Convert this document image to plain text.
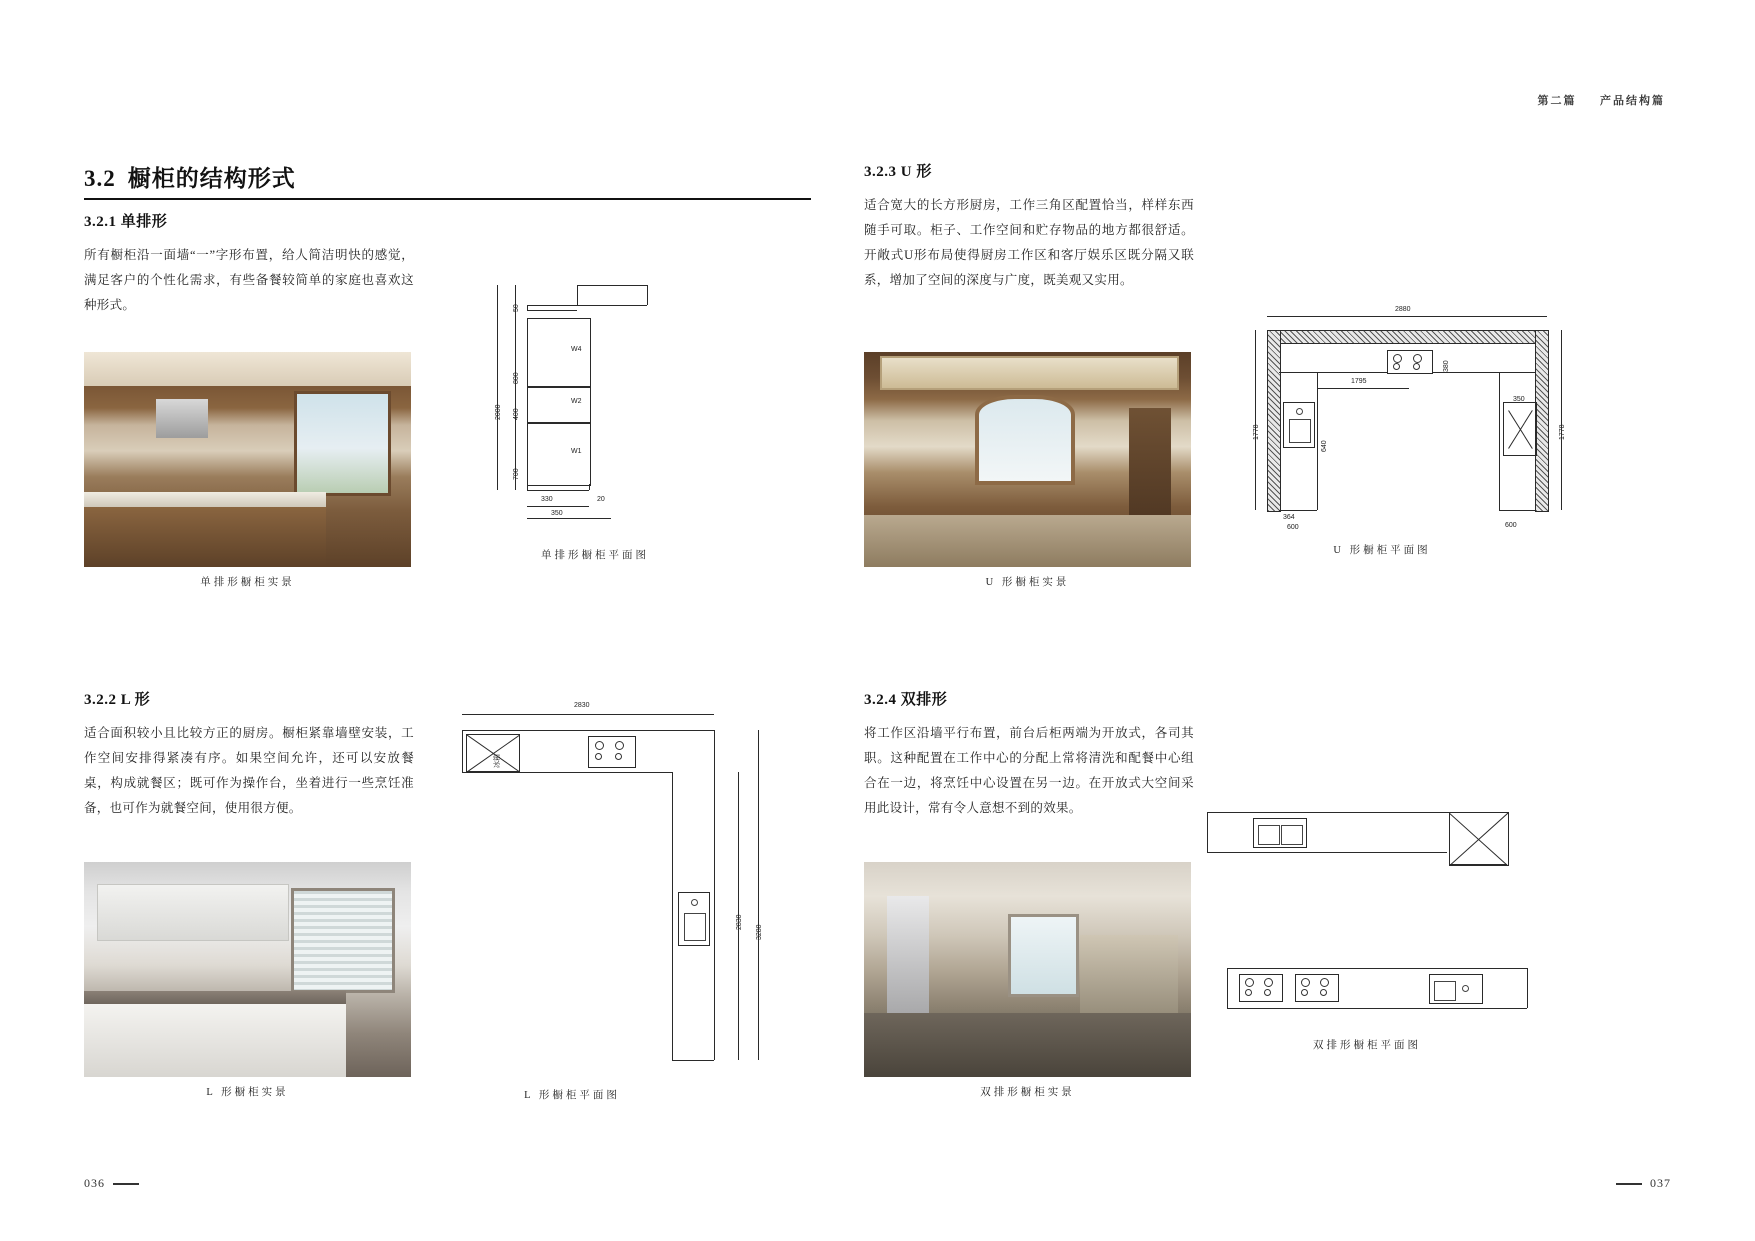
第二篇 产品结构篇
3.2 橱柜的结构形式
3.2.1 单排形
所有橱柜沿一面墙“一”字形布置，给人简洁明快的感觉，满足客户的个性化需求，有些备餐较简单的家庭也喜欢这种形式。
单排形橱柜实景
W4
W2
W1
50
800
400
700
2000
330	20
350
单排形橱柜平面图
3.2.2 L 形
适合面积较小且比较方正的厨房。橱柜紧靠墙壁安装，工作空间安排得紧凑有序。如果空间允许，还可以安放餐桌，构成就餐区；既可作为操作台，坐着进行一些烹饪准备，也可作为就餐空间，使用很方便。
L 形橱柜实景
冰箱
2830
2830
3280
L 形橱柜平面图
036
3.2.3 U 形
适合宽大的长方形厨房，工作三角区配置恰当，样样东西随手可取。柜子、工作空间和贮存物品的地方都很舒适。开敞式U形布局使得厨房工作区和客厅娱乐区既分隔又联系，增加了空间的深度与广度，既美观又实用。
U 形橱柜实景
2880
1778	1778
1795
380
640
364
600	600
350
U 形橱柜平面图
3.2.4 双排形
将工作区沿墙平行布置，前台后柜两端为开放式，各司其职。这种配置在工作中心的分配上常将清洗和配餐中心组合在一边，将烹饪中心设置在另一边。在开放式大空间采用此设计，常有令人意想不到的效果。
双排形橱柜实景
双排形橱柜平面图
037
